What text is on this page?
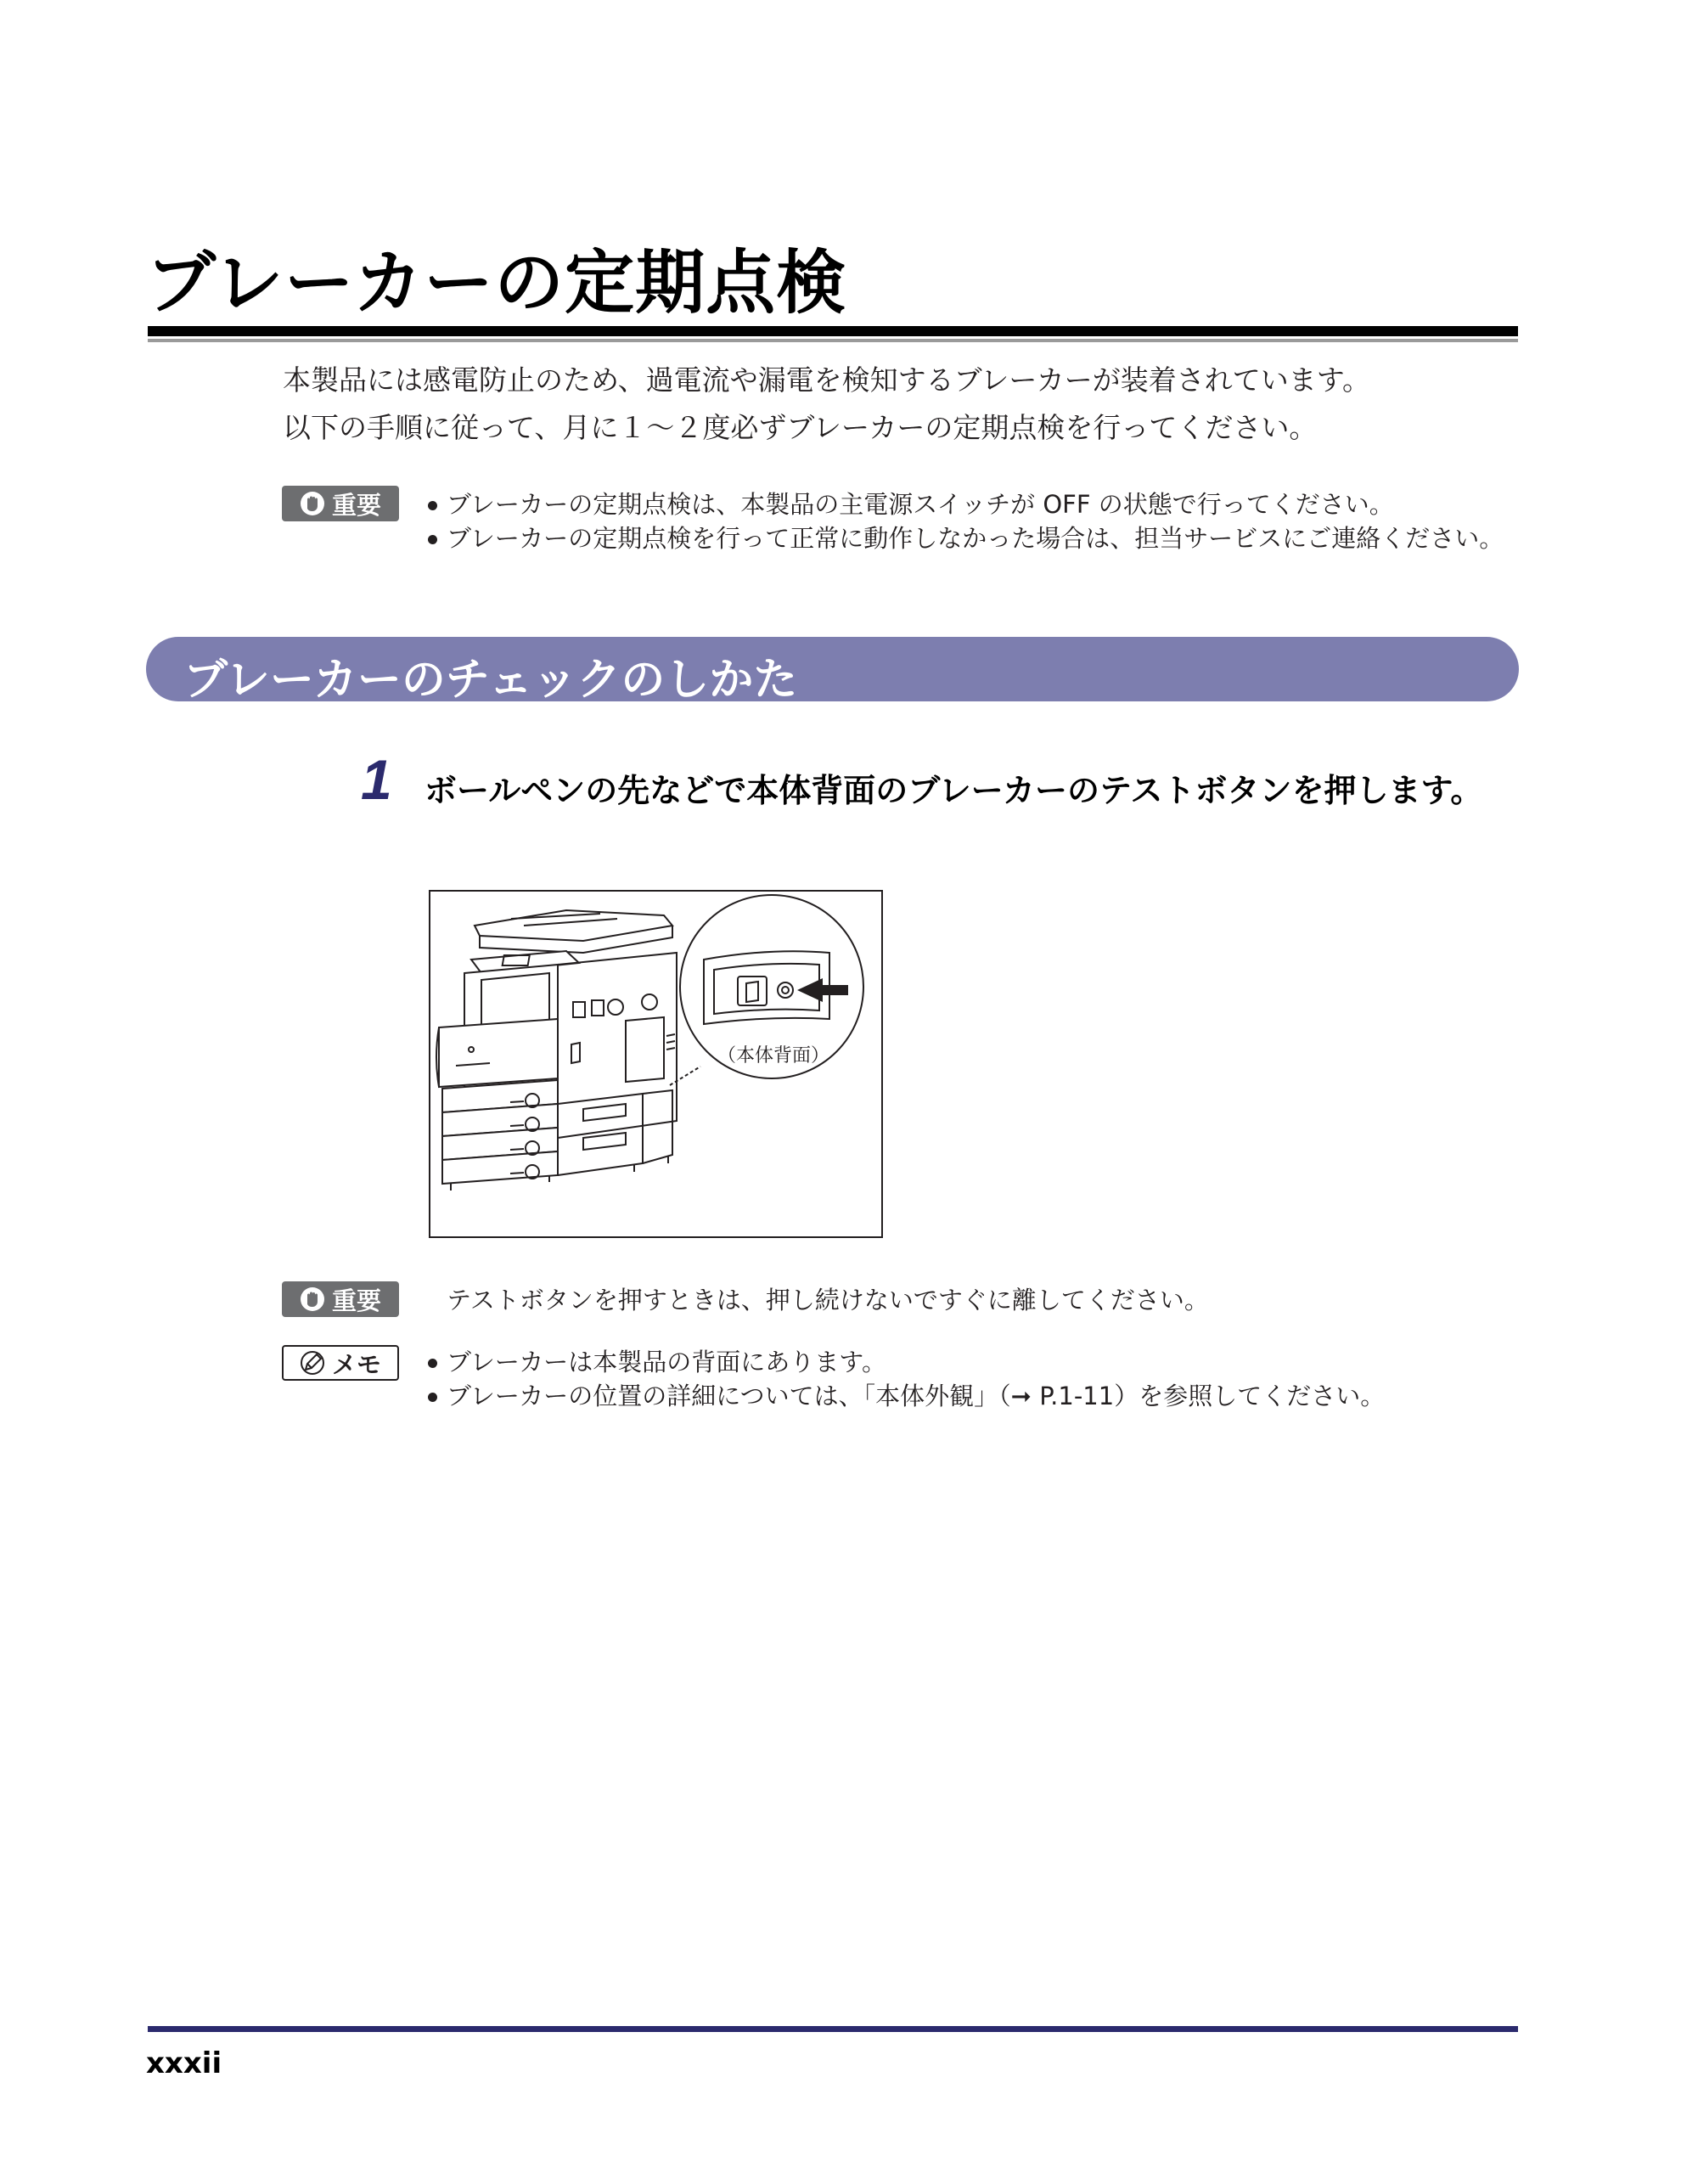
ブレーカーの定期点検

本製品には感電防止のため、過電流や漏電を検知するブレーカーが装着されています。

以下の手順に従って、月に１～２度必ずブレーカーの定期点検を行ってください。

重要	ブレーカーの定期点検は、本製品の主電源スイッチが OFF の状態で行ってください。
ブレーカーの定期点検を行って正常に動作しなかった場合は、担当サービスにご連絡ください。
ブレーカーのチェックのしかた
1 ボールペンの先などで本体背面のブレーカーのテストボタンを押します。

（本体背面）
重要	テストボタンを押すときは、押し続けないですぐに離してください。
メモ	ブレーカーは本製品の背面にあります。
ブレーカーの位置の詳細については、「本体外観」（➞ P.1-11）を参照してください。
xxxii
